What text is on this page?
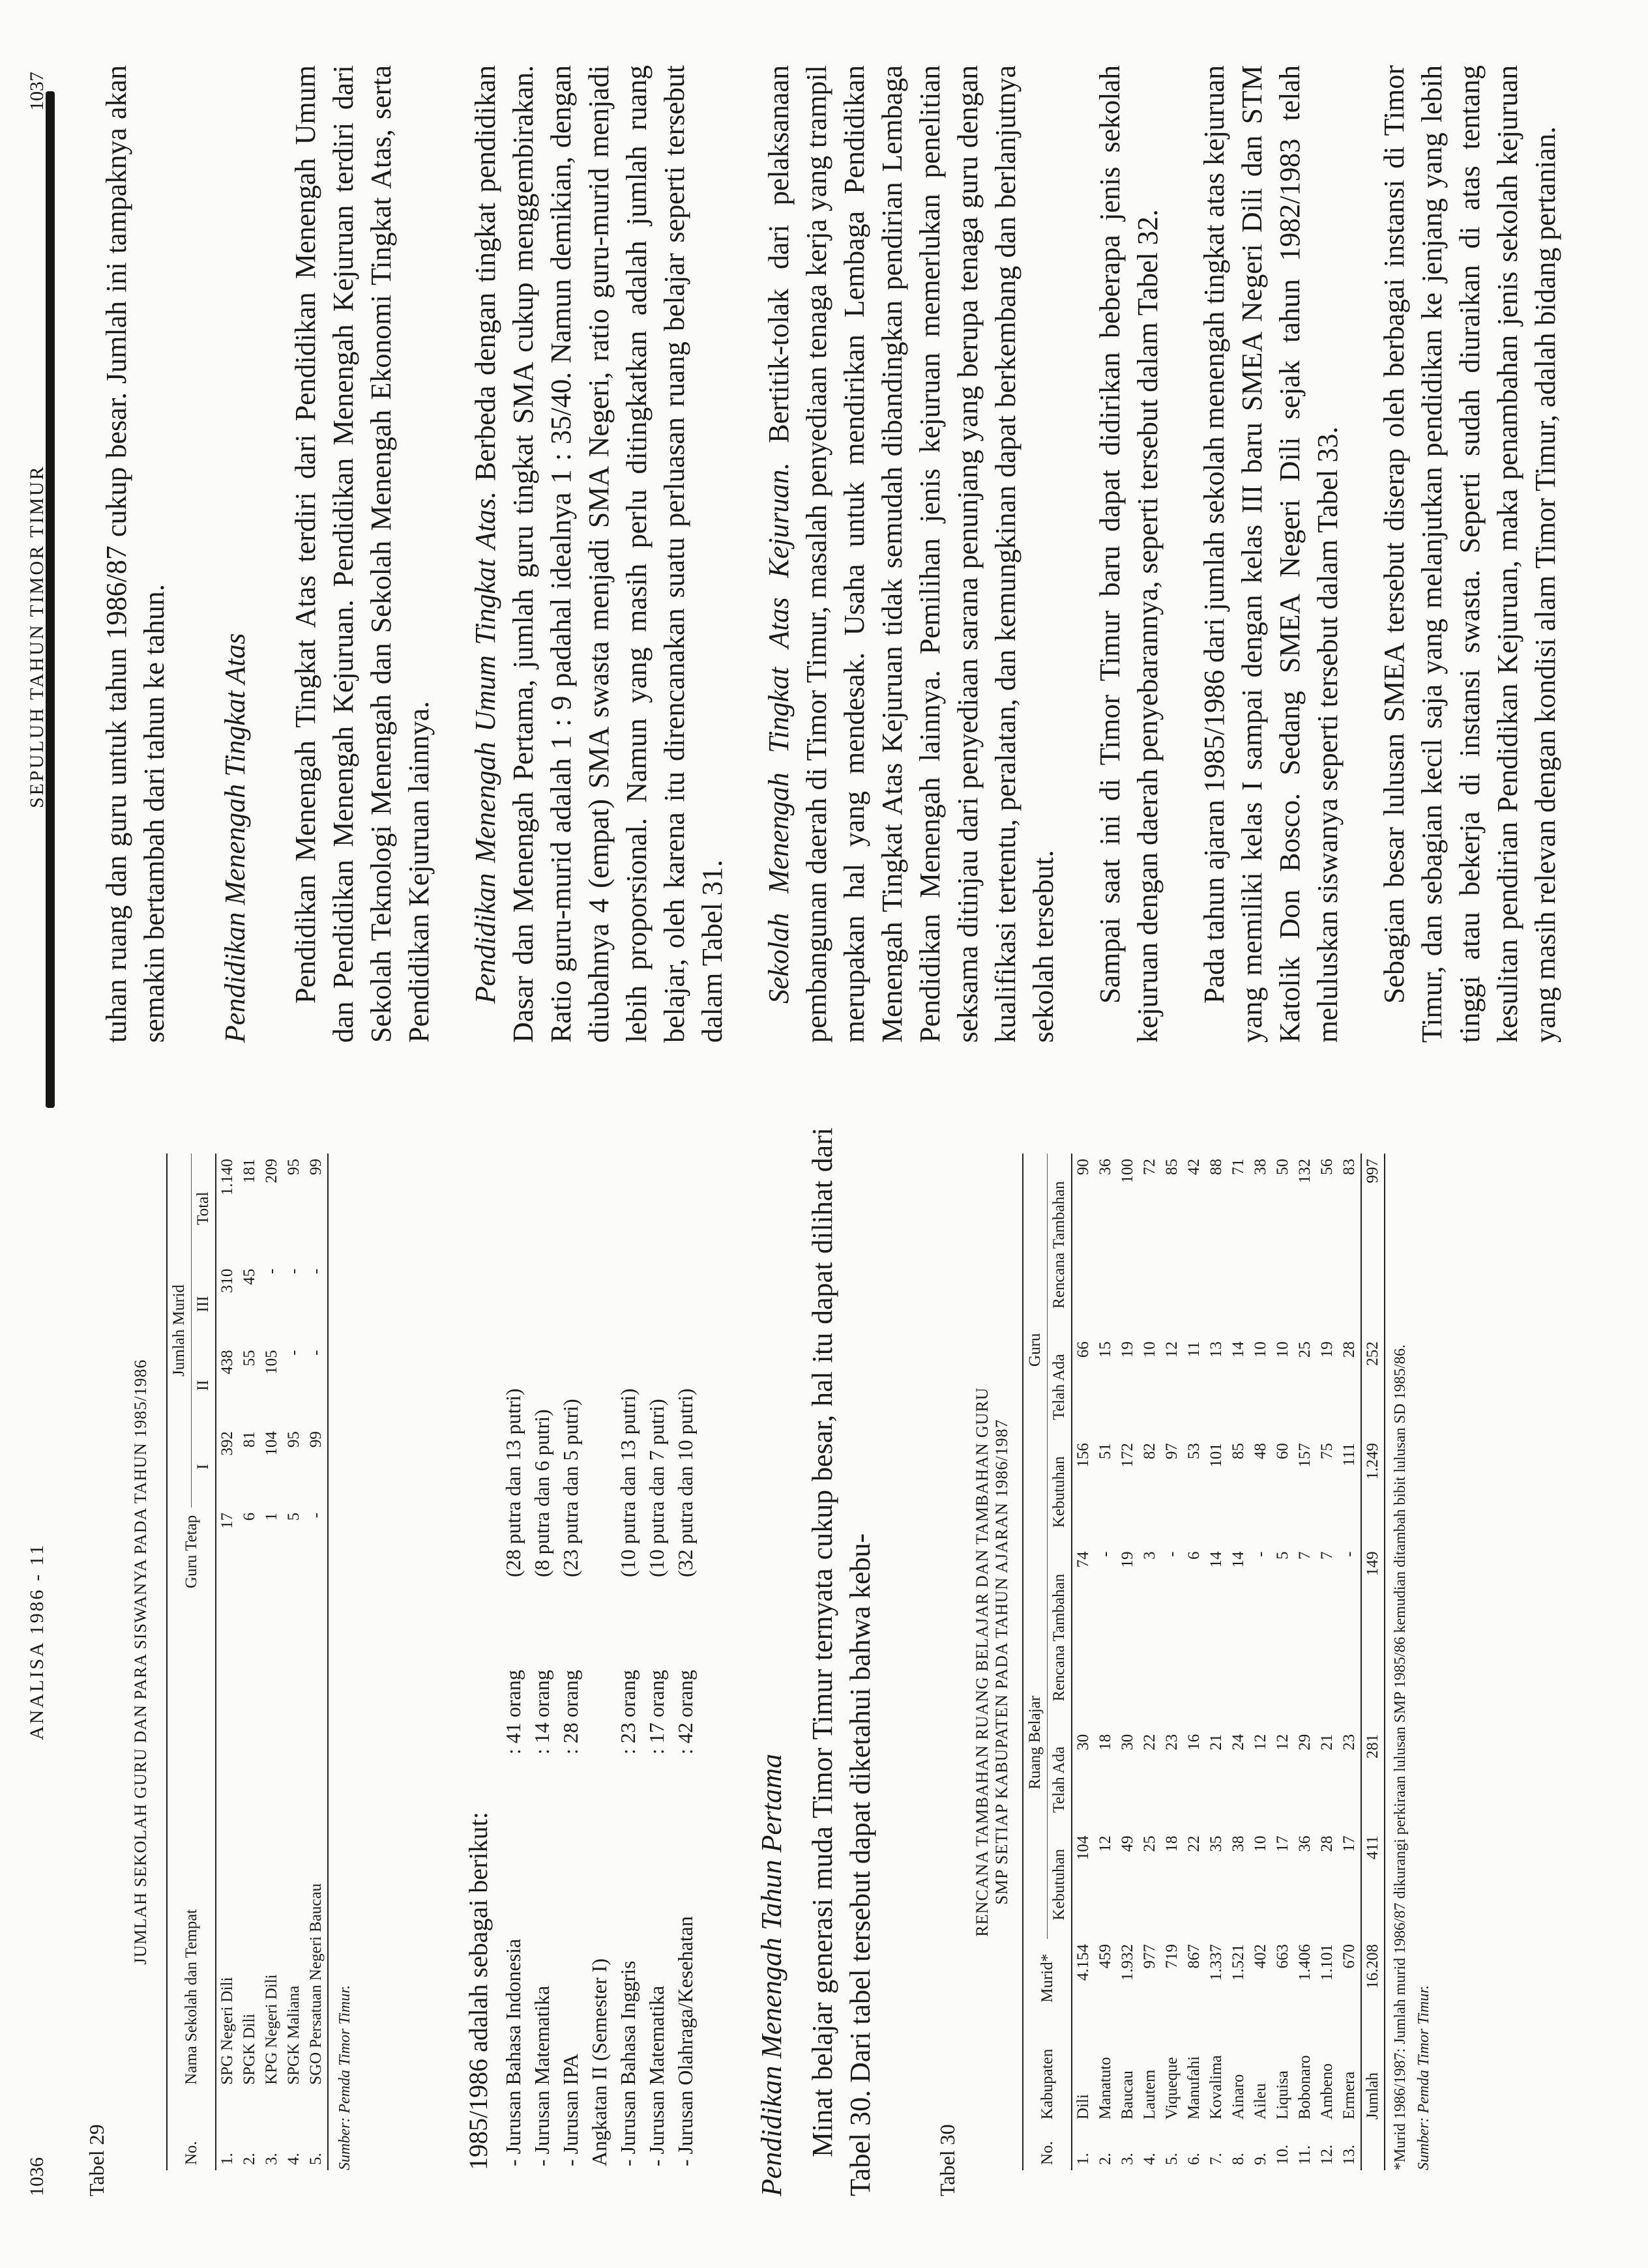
1036
ANALISA 1986 - 11
Tabel 29
JUMLAH SEKOLAH GURU DAN PARA SISWANYA PADA TAHUN 1985/1986
No.	Nama Sekolah dan Tempat	Guru Tetap	Jumlah Murid			
			I	II	III	Total
1.	SPG Negeri Dili	17	392	438	310	1.140
2.	SPGK Dili	6	81	55	45	181
3.	KPG Negeri Dili	1	104	105	-	209
4.	SPGK Maliana	5	95	-	-	95
5.	SGO Persatuan Negeri Baucau	-	99	-	-	99
Sumber: Pemda Timor Timur.	1985/1986 adalah sebagai berikut: - Jurusan Bahasa Indonesia	: 41 orang	(28 putra dan 13 putri)
- Jurusan Matematika	: 14 orang	(8 putra dan 6 putri)
- Jurusan IPA	: 28 orang	(23 putra dan 5 putri)
Angkatan II (Semester I)		
- Jurusan Bahasa Inggris	: 23 orang	(10 putra dan 13 putri)
- Jurusan Matematika	: 17 orang	(10 putra dan 7 putri)
- Jurusan Olahraga/Kesehatan	: 42 orang	(32 putra dan 10 putri)
Pendidikan Menengah Tahun Pertama Minat belajar generasi muda Timor Timur ternyata cukup besar, hal itu dapat dilihat dari Tabel 30. Dari tabel tersebut dapat diketahui bahwa kebu-	Tabel 30
RENCANA TAMBAHAN RUANG BELAJAR DAN TAMBAHAN GURU SMP SETIAP KABUPATEN PADA TAHUN AJARAN 1986/1987
No.	Kabupaten	Murid*	Ruang Belajar			Guru		
			Kebutuhan	Telah Ada	Rencana Tambahan	Kebutuhan	Telah Ada	Rencana Tambahan
1.	Dili	4.154	104	30	74	156	66	90
2.	Manatuto	459	12	18	-	51	15	36
3.	Baucau	1.932	49	30	19	172	19	100
4.	Lautem	977	25	22	3	82	10	72
5.	Viqueque	719	18	23	-	97	12	85
6.	Manufahi	867	22	16	6	53	11	42
7.	Kovalima	1.337	35	21	14	101	13	88
8.	Ainaro	1.521	38	24	14	85	14	71
9.	Aileu	402	10	12	-	48	10	38
10.	Liquisa	663	17	12	5	60	10	50
11.	Bobonaro	1.406	36	29	7	157	25	132
12.	Ambeno	1.101	28	21	7	75	19	56
13.	Ermera	670	17	23	-	111	28	83
	Jumlah	16.208	411	281	149	1.249	252	997
*Murid 1986/1987: Jumlah murid 1986/87 dikurangi perkiraan lulusan SMP 1985/86 kemudian ditambah bibit lulusan SD 1985/86. Sumber: Pemda Timor Timur.
SEPULUH TAHUN TIMOR TIMUR
1037 tuhan ruang dan guru untuk tahun 1986/87 cukup besar. Jumlah ini tampaknya akan semakin bertambah dari tahun ke tahun. Pendidikan Menengah Tingkat Atas Pendidikan Menengah Tingkat Atas terdiri dari Pendidikan Menengah Umum dan Pendidikan Menengah Kejuruan. Pendidikan Menengah Kejuruan terdiri dari Sekolah Teknologi Menengah dan Sekolah Menengah Ekonomi Tingkat Atas, serta Pendidikan Kejuruan lainnya. Pendidikan Menengah Umum Tingkat Atas. Berbeda dengan tingkat pendidikan Dasar dan Menengah Pertama, jumlah guru tingkat SMA cukup menggembirakan. Ratio guru-murid adalah 1 : 9 padahal idealnya 1 : 35/40. Namun demikian, dengan diubahnya 4 (empat) SMA swasta menjadi SMA Negeri, ratio guru-murid menjadi lebih proporsional. Namun yang masih perlu ditingkatkan adalah jumlah ruang belajar, oleh karena itu direncanakan suatu perluasan ruang belajar seperti tersebut dalam Tabel 31. Sekolah Menengah Tingkat Atas Kejuruan. Bertitik-tolak dari pelaksanaan pembangunan daerah di Timor Timur, masalah penyediaan tenaga kerja yang trampil merupakan hal yang mendesak. Usaha untuk mendirikan Lembaga Pendidikan Menengah Tingkat Atas Kejuruan tidak semudah dibandingkan pendirian Lembaga Pendidikan Menengah lainnya. Pemilihan jenis kejuruan memerlukan penelitian seksama ditinjau dari penyediaan sarana penunjang yang berupa tenaga guru dengan kualifikasi tertentu, peralatan, dan kemungkinan dapat berkembang dan berlanjutnya sekolah tersebut. Sampai saat ini di Timor Timur baru dapat didirikan beberapa jenis sekolah kejuruan dengan daerah penyebarannya, seperti tersebut dalam Tabel 32. Pada tahun ajaran 1985/1986 dari jumlah sekolah menengah tingkat atas kejuruan yang memiliki kelas I sampai dengan kelas III baru SMEA Negeri Dili dan STM Katolik Don Bosco. Sedang SMEA Negeri Dili sejak tahun 1982/1983 telah meluluskan siswanya seperti tersebut dalam Tabel 33. Sebagian besar lulusan SMEA tersebut diserap oleh berbagai instansi di Timor Timur, dan sebagian kecil saja yang melanjutkan pendidikan ke jenjang yang lebih tinggi atau bekerja di instansi swasta. Seperti sudah diuraikan di atas tentang kesulitan pendirian Pendidikan Kejuruan, maka penambahan jenis sekolah kejuruan yang masih relevan dengan kondisi alam Timor Timur, adalah bidang pertanian.
